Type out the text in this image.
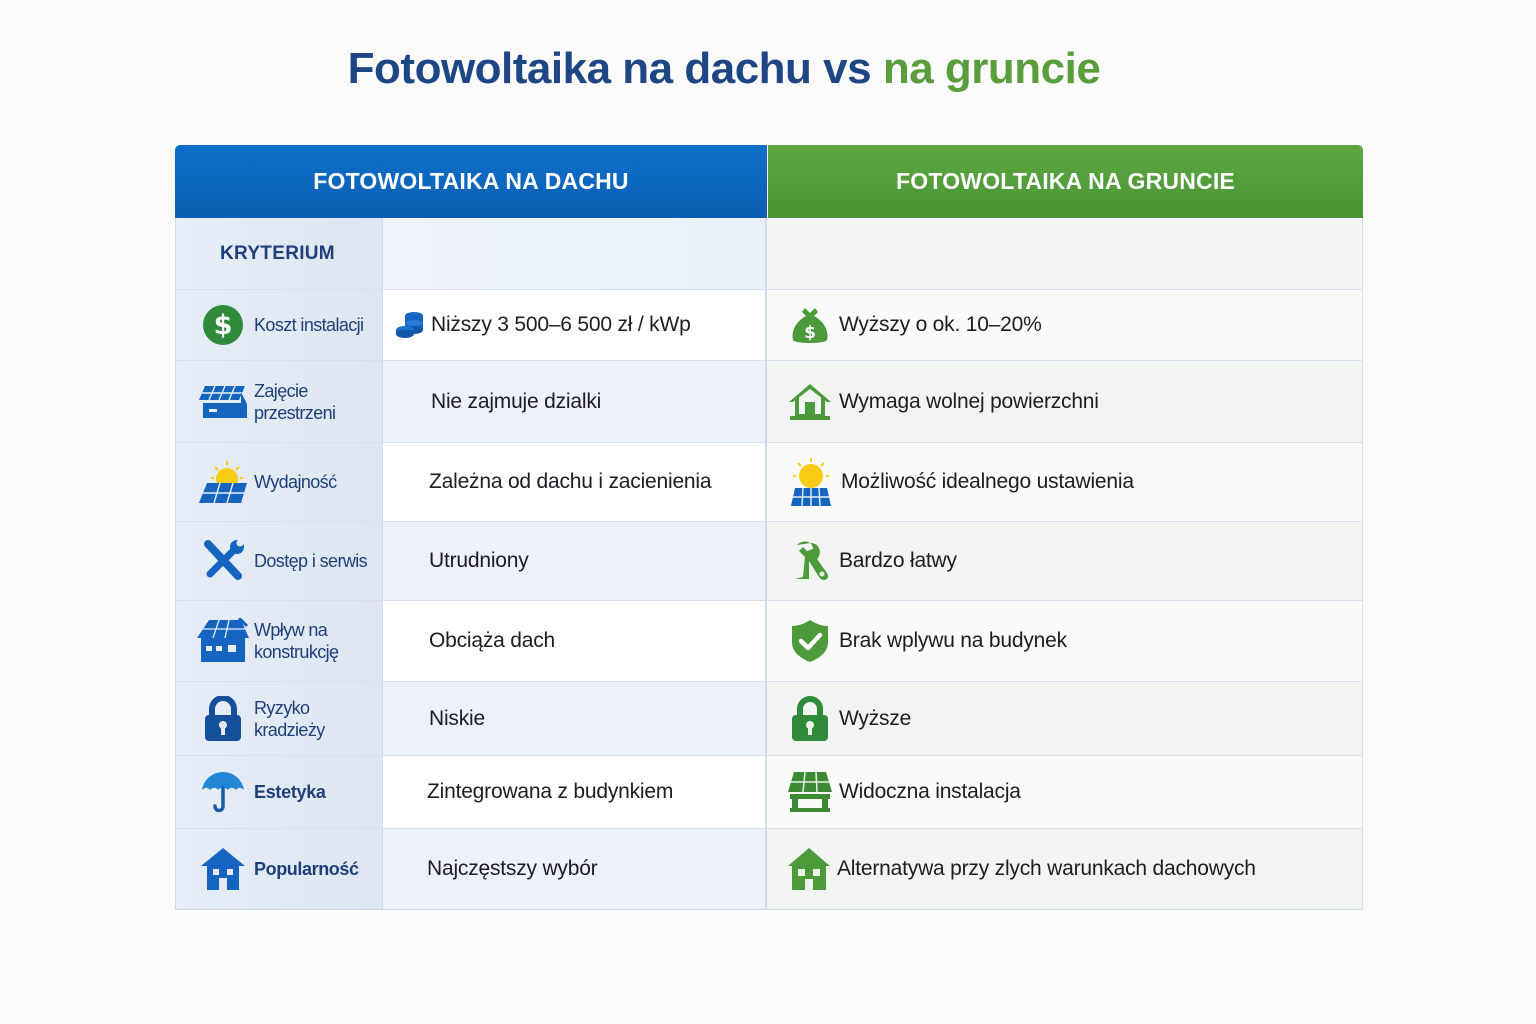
Fotowoltaika na dachu vs na gruncie
FOTOWOLTAIKA NA DACHU	FOTOWOLTAIKA NA GRUNCIE
KRYTERIUM
$ Koszt instalacji	Niższy 3 500–6 500 zł / kWp	$ Wyższy o ok. 10–20%
Zajęcie przestrzeni	Nie zajmuje dzialki	Wymaga wolnej powierzchni
Wydajność	Zależna od dachu i zacienienia	Możliwość idealnego ustawienia
Dostęp i serwis	Utrudniony	Bardzo łatwy
Wpływ na konstrukcję	Obciąża dach	Brak wplywu na budynek
Ryzyko kradzieży	Niskie	Wyższe
Estetyka	Zintegrowana z budynkiem	Widoczna instalacja
Popularność	Najczęstszy wybór	Alternatywa przy zlych warunkach dachowych
